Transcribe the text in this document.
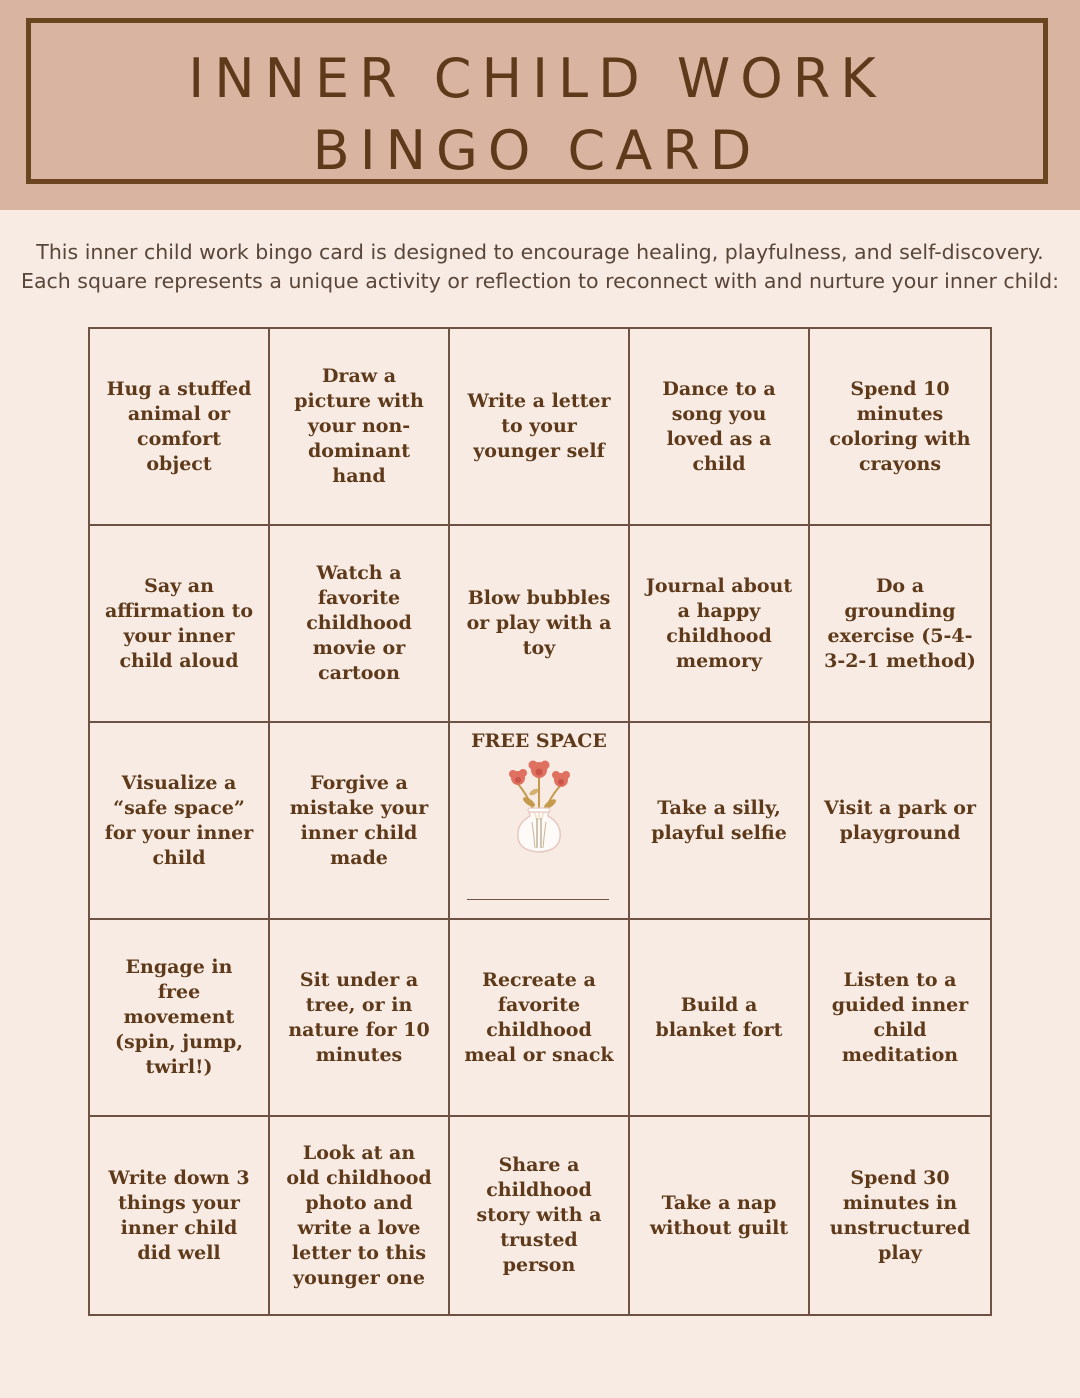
INNER CHILD WORK
BINGO CARD
This inner child work bingo card is designed to encourage healing, playfulness, and self-discovery.
Each square represents a unique activity or reflection to reconnect with and nurture your inner child:
Hug a stuffed animal or comfort object
Draw a picture with your non-dominant hand
Write a letter to your younger self
Dance to a song you loved as a child
Spend 10 minutes coloring with crayons
Say an affirmation to your inner child aloud
Watch a favorite childhood movie or cartoon
Blow bubbles or play with a toy
Journal about a happy childhood memory
Do a grounding exercise (5-4-3-2-1 method)
Visualize a “safe space” for your inner child
Forgive a mistake your inner child made
FREE SPACE
Take a silly, playful selfie
Visit a park or playground
Engage in free movement (spin, jump, twirl!)
Sit under a tree, or in nature for 10 minutes
Recreate a favorite childhood meal or snack
Build a blanket fort
Listen to a guided inner child meditation
Write down 3 things your inner child did well
Look at an old childhood photo and write a love letter to this younger one
Share a childhood story with a trusted person
Take a nap without guilt
Spend 30 minutes in unstructured play
